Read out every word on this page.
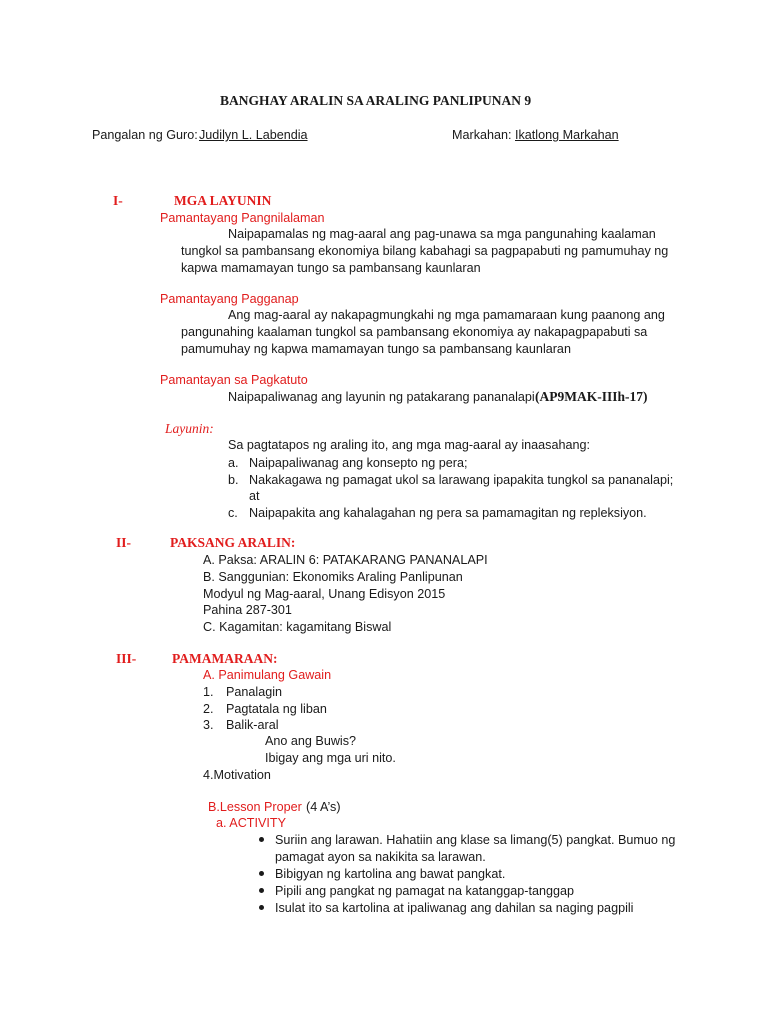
BANGHAY ARALIN SA ARALING PANLIPUNAN 9
Pangalan ng Guro: Judilyn L. Labendia	Markahan: Ikatlong Markahan
I-	MGA LAYUNIN
Pamantayang Pangnilalaman
Naipapamalas ng mag-aaral ang pag-unawa sa mga pangunahing kaalaman
tungkol sa pambansang ekonomiya bilang kabahagi sa pagpapabuti ng pamumuhay ng
kapwa mamamayan tungo sa pambansang kaunlaran
Pamantayang Pagganap
Ang mag-aaral ay nakapagmungkahi ng mga pamamaraan kung paanong ang
pangunahing kaalaman tungkol sa pambansang ekonomiya ay nakapagpapabuti sa
pamumuhay ng kapwa mamamayan tungo sa pambansang kaunlaran
Pamantayan sa Pagkatuto
Naipapaliwanag ang layunin ng patakarang pananalapi (AP9MAK-IIIh-17)
Layunin:
Sa pagtatapos ng araling ito, ang mga mag-aaral ay inaasahang:
a. Naipapaliwanag ang konsepto ng pera;
b. Nakakagawa ng pamagat ukol sa larawang ipapakita tungkol sa pananalapi;
at
c. Naipapakita ang kahalagahan ng pera sa pamamagitan ng repleksiyon.
II-	PAKSANG ARALIN:
A. Paksa: ARALIN 6: PATAKARANG PANANALAPI
B. Sanggunian: Ekonomiks Araling Panlipunan
Modyul ng Mag-aaral, Unang Edisyon 2015
Pahina 287-301
C. Kagamitan: kagamitang Biswal
III-	PAMAMARAAN:
A. Panimulang Gawain
1. Panalagin
2. Pagtatala ng liban
3. Balik-aral
Ano ang Buwis?
Ibigay ang mga uri nito.
4.Motivation
B.Lesson Proper (4 A’s)
a. ACTIVITY
Suriin ang larawan. Hahatiin ang klase sa limang(5) pangkat. Bumuo ng
pamagat ayon sa nakikita sa larawan.
Bibigyan ng kartolina ang bawat pangkat.
Pipili ang pangkat ng pamagat na katanggap-tanggap
Isulat ito sa kartolina at ipaliwanag ang dahilan sa naging pagpili
